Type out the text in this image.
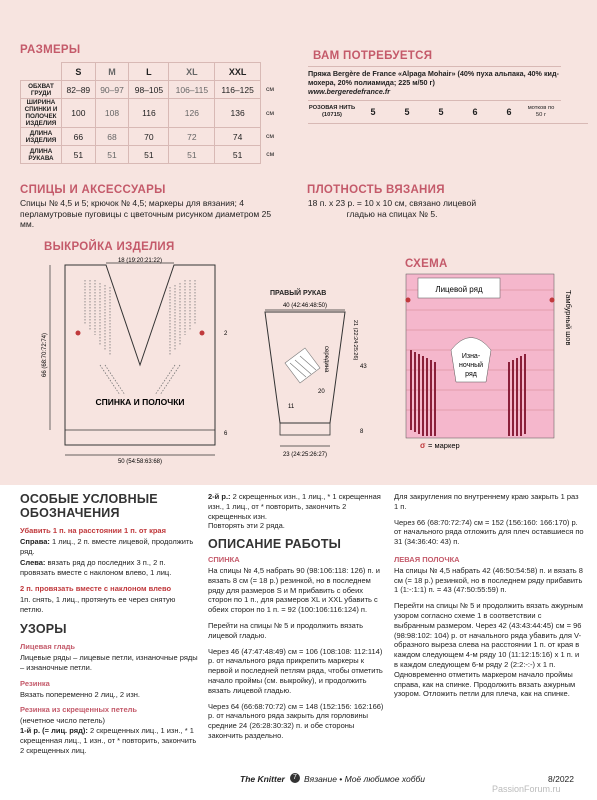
РАЗМЕРЫ
	S	M	L	XL	XXL	
ОБХВАТ ГРУДИ	82–89	90–97	98–105	106–115	116–125	см
ШИРИНА СПИНКИ И ПОЛОЧЕК ИЗДЕЛИЯ	100	108	116	126	136	см
ДЛИНА ИЗДЕЛИЯ	66	68	70	72	74	см
ДЛИНА РУКАВА	51	51	51	51	51	см
ВАМ ПОТРЕБУЕТСЯ
Пряжа Bergère de France «Alpaga Mohair» (40% пуха альпака, 40% кид-мохера, 20% полиамида; 225 м/50 г)
www.bergeredefrance.fr
РОЗОВАЯ НИТЬ (10715)	5	5	5	6	6	мотков по 50 г
СПИЦЫ И АКСЕССУАРЫ
Спицы № 4,5 и 5; крючок № 4,5; маркеры для вязания; 4 перламутровые пуговицы с цветочным рисунком диаметром 25 мм.
ПЛОТНОСТЬ ВЯЗАНИЯ
18 п. х 23 р. = 10 х 10 см, связано лицевой гладью на спицах № 5.
ВЫКРОЙКА ИЗДЕЛИЯ
18 (19:20:21:22)
66 (68:70:72:74)
СПИНКА И ПОЛОЧКИ
2
6
50 (54:58:63:68)
ПРАВЫЙ РУКАВ
40 (42:46:48:50)
середина
20
11
43
8
21 (22:24:25:26)
23 (24:25:26:27)
СХЕМА
Лицевой ряд
Изна-
ночный
ряд
Тамбурный шов
σ = маркер
ОСОБЫЕ УСЛОВНЫЕ ОБОЗНАЧЕНИЯ

Убавить 1 п. на расстоянии 1 п. от края

Справа: 1 лиц., 2 п. вместе лицевой, продолжить ряд.

Слева: вязать ряд до последних 3 п., 2 п. провязать вместе с наклоном влево, 1 лиц.

2 п. провязать вместе с наклоном влево

1п. снять, 1 лиц., протянуть ее через снятую петлю.

УЗОРЫ

Лицевая гладь

Лицевые ряды – лицевые петли, изнаночные ряды – изнаночные петли.

Резинка

Вязать попеременно 2 лиц., 2 изн.

Резинка из скрещенных петель

(нечетное число петель)

1-й р. (= лиц. ряд): 2 скрещенных лиц., 1 изн., * 1 скрещенная лиц., 1 изн., от * повторить, закончить 2 скрещенных лиц.

2-й р.: 2 скрещенных изн., 1 лиц., * 1 скрещенная изн., 1 лиц., от * повторить, закончить 2 скрещенных изн.

Повторять эти 2 ряда.

ОПИСАНИЕ РАБОТЫ

СПИНКА

На спицы № 4,5 набрать 90 (98:106:118: 126) п. и вязать 8 см (= 18 р.) резинкой, но в последнем ряду для размеров S и M прибавить с обеих сторон по 1 п., для размеров XL и XXL убавить с обеих сторон по 1 п. = 92 (100:106:116:124) п.

Перейти на спицы № 5 и продолжить вязать лицевой гладью.

Через 46 (47:47:48:49) см = 106 (108:108: 112:114) р. от начального ряда прикрепить маркеры к первой и последней петлям ряда, чтобы отметить начало проймы (см. выкройку), и продолжить вязать лицевой гладью.

Через 64 (66:68:70:72) см = 148 (152:156: 162:166) р. от начального ряда закрыть для горловины средние 24 (26:28:30:32) п. и обе стороны закончить раздельно.

Для закругления по внутреннему краю закрыть 1 раз 1 п.

Через 66 (68:70:72:74) см = 152 (156:160: 166:170) р. от начального ряда отложить для плеч оставшиеся по 31 (34:36:40: 43) п.

ЛЕВАЯ ПОЛОЧКА

На спицы № 4,5 набрать 42 (46:50:54:58) п. и вязать 8 см (= 18 р.) резинкой, но в последнем ряду прибавить 1 (1:-:1:1) п. = 43 (47:50:55:59) п.

Перейти на спицы № 5 и продолжить вязать ажурным узором согласно схеме 1 в соответствии с выбранным размером. Через 42 (43:43:44:45) см = 96 (98:98:102: 104) р. от начального ряда убавить для V-образного выреза слева на расстоянии 1 п. от края в каждом следующем 4-м ряду 10 (11:12:15:16) х 1 п. и в каждом следующем 6-м ряду 2 (2:2:-:-) х 1 п. Одновременно отметить маркером начало проймы справа, как на спинке. Продолжить вязать ажурным узором. Отложить петли для плеча, как на спинке.

The Knitter	7 Вязание • Моё любимое хобби	8/2022
PassionForum.ru
